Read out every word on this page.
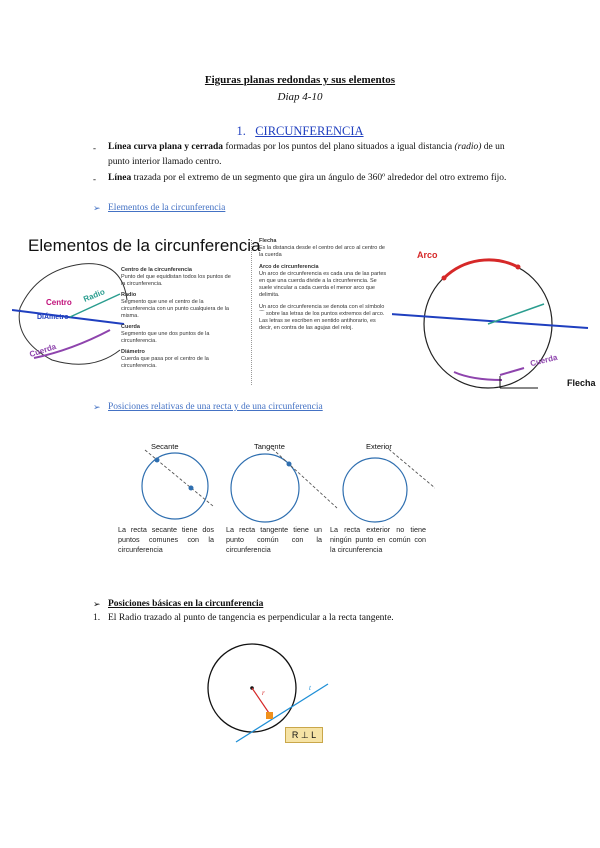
Figuras planas redondas y sus elementos
Diap 4-10
1. CIRCUNFERENCIA
- Línea curva plana y cerrada formadas por los puntos del plano situados a igual distancia (radio) de un
punto interior llamado centro.
- Línea trazada por el extremo de un segmento que gira un ángulo de 360º alrededor del otro extremo fijo.
➢ Elementos de la circunferencia
Elementos de la circunferencia
Centro Radio
DIÁmetro
Cuerda
Centro de la circunferencia
Punto del que equidistan todos los puntos de la circunferencia.
Radio
Segmento que une el centro de la circunferencia con un punto cualquiera de la misma.
Cuerda
Segmento que une dos puntos de la circunferencia.
Diámetro
Cuerda que pasa por el centro de la circunferencia.
Flecha
Es la distancia desde el centro del arco al centro de la cuerda
Arco de circunferencia
Un arco de circunferencia es cada una de las partes en que una cuerda divide a la circunferencia. Se suele vincular a cada cuerda el menor arco que delimita.
Un arco de circunferencia se denota con el símbolo ⌒ sobre las letras de los puntos extremos del arco. Las letras se escriben en sentido antihorario, es decir, en contra de las agujas del reloj.
Arco
Cuerda
Flecha
➢ Posiciones relativas de una recta y de una circunferencia
Secante	Tangente	Exterior
La recta secante tiene dos puntos comunes con la circunferencia
La recta tangente tiene un punto común con la circunferencia
La recta exterior no tiene ningún punto en común con la circunferencia
➢ Posiciones básicas en la circunferencia
1. El Radio trazado al punto de tangencia es perpendicular a la recta tangente.
r
t
R ⊥ L
